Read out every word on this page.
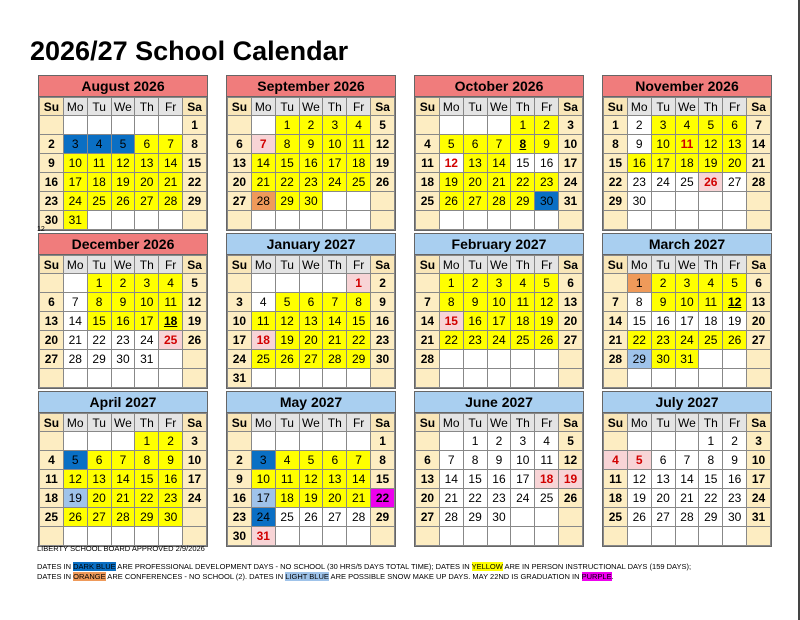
2026/27 School Calendar
August 2026
Su	Mo	Tu	We	Th	Fr	Sa
						1
2	3	4	5	6	7	8
9	10	11	12	13	14	15
16	17	18	19	20	21	22
23	24	25	26	27	28	29
30	31					
September 2026
Su	Mo	Tu	We	Th	Fr	Sa
		1	2	3	4	5
6	7	8	9	10	11	12
13	14	15	16	17	18	19
20	21	22	23	24	25	26
27	28	29	30			

October 2026
Su	Mo	Tu	We	Th	Fr	Sa
				1	2	3
4	5	6	7	8	9	10
11	12	13	14	15	16	17
18	19	20	21	22	23	24
25	26	27	28	29	30	31

November 2026
Su	Mo	Tu	We	Th	Fr	Sa
1	2	3	4	5	6	7
8	9	10	11	12	13	14
15	16	17	18	19	20	21
22	23	24	25	26	27	28
29	30					

December 2026
Su	Mo	Tu	We	Th	Fr	Sa
		1	2	3	4	5
6	7	8	9	10	11	12
13	14	15	16	17	18	19
20	21	22	23	24	25	26
27	28	29	30	31		

January 2027
Su	Mo	Tu	We	Th	Fr	Sa
					1	2
3	4	5	6	7	8	9
10	11	12	13	14	15	16
17	18	19	20	21	22	23
24	25	26	27	28	29	30
31						
February 2027
Su	Mo	Tu	We	Th	Fr	Sa
	1	2	3	4	5	6
7	8	9	10	11	12	13
14	15	16	17	18	19	20
21	22	23	24	25	26	27
28						

March 2027
Su	Mo	Tu	We	Th	Fr	Sa
	1	2	3	4	5	6
7	8	9	10	11	12	13
14	15	16	17	18	19	20
21	22	23	24	25	26	27
28	29	30	31			

April 2027
Su	Mo	Tu	We	Th	Fr	Sa
				1	2	3
4	5	6	7	8	9	10
11	12	13	14	15	16	17
18	19	20	21	22	23	24
25	26	27	28	29	30	

May 2027
Su	Mo	Tu	We	Th	Fr	Sa
						1
2	3	4	5	6	7	8
9	10	11	12	13	14	15
16	17	18	19	20	21	22
23	24	25	26	27	28	29
30	31					
June 2027
Su	Mo	Tu	We	Th	Fr	Sa
		1	2	3	4	5
6	7	8	9	10	11	12
13	14	15	16	17	18	19
20	21	22	23	24	25	26
27	28	29	30			

July 2027
Su	Mo	Tu	We	Th	Fr	Sa
				1	2	3
4	5	6	7	8	9	10
11	12	13	14	15	16	17
18	19	20	21	22	23	24
25	26	27	28	29	30	31

12
LIBERTY SCHOOL BOARD APPROVED 2/9/2026
DATES IN DARK BLUE ARE PROFESSIONAL DEVELOPMENT DAYS - NO SCHOOL (30 HRS/5 DAYS TOTAL TIME); DATES IN YELLOW ARE IN PERSON INSTRUCTIONAL DAYS (159 DAYS);
DATES IN ORANGE ARE CONFERENCES - NO SCHOOL (2). DATES IN LIGHT BLUE ARE POSSIBLE SNOW MAKE UP DAYS. MAY 22ND IS GRADUATION IN PURPLE.
